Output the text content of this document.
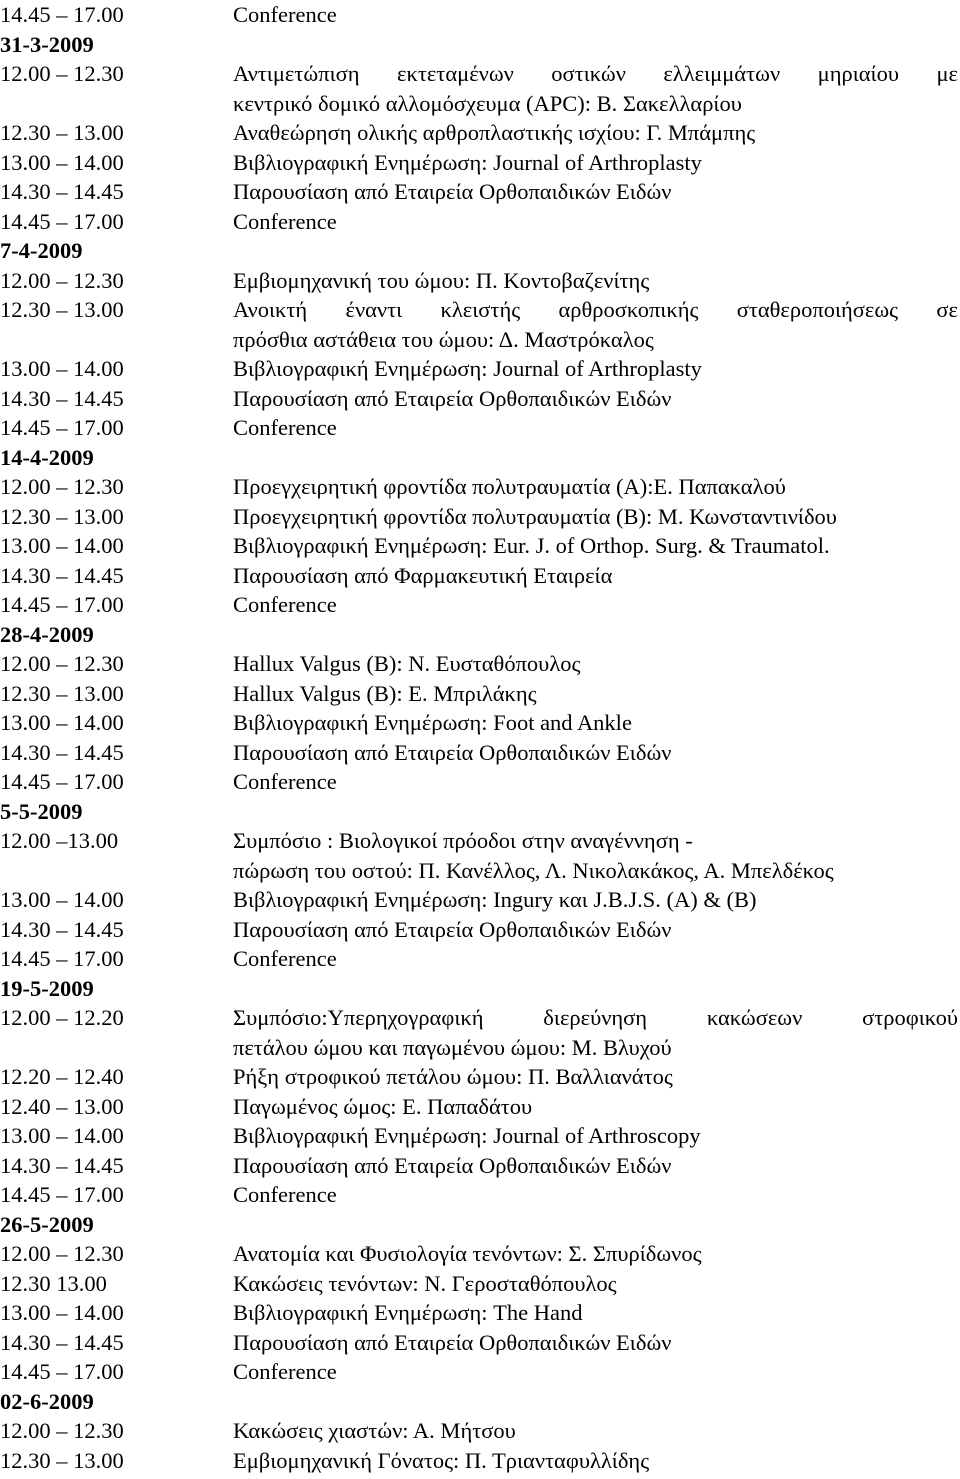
14.45 – 17.00	Conference
31-3-2009
12.00 – 12.30	Αντιμετώπιση εκτεταμένων οστικών ελλειμμάτων μηριαίου με
κεντρικό δομικό αλλομόσχευμα (APC): Β. Σακελλαρίου
12.30 – 13.00	Αναθεώρηση ολικής αρθροπλαστικής ισχίου: Γ. Μπάμπης
13.00 – 14.00	Βιβλιογραφική Ενημέρωση: Journal of Arthroplasty
14.30 – 14.45	Παρουσίαση από Εταιρεία Ορθοπαιδικών Ειδών
14.45 – 17.00	Conference
7-4-2009
12.00 – 12.30	Εμβιομηχανική του ώμου: Π. Κοντοβαζενίτης
12.30 – 13.00	Ανοικτή έναντι κλειστής αρθροσκοπικής σταθεροποιήσεως σε
πρόσθια αστάθεια του ώμου: Δ. Μαστρόκαλος
13.00 – 14.00	Βιβλιογραφική Ενημέρωση: Journal of Arthroplasty
14.30 – 14.45	Παρουσίαση από Εταιρεία Ορθοπαιδικών Ειδών
14.45 – 17.00	Conference
14-4-2009
12.00 – 12.30	Προεγχειρητική φροντίδα πολυτραυματία (Α):Ε. Παπακαλού
12.30 – 13.00	Προεγχειρητική φροντίδα πολυτραυματία (Β): Μ. Κωνσταντινίδου
13.00 – 14.00	Βιβλιογραφική Ενημέρωση: Eur. J. of Orthop. Surg. & Traumatol.
14.30 – 14.45	Παρουσίαση από Φαρμακευτική Εταιρεία
14.45 – 17.00	Conference
28-4-2009
12.00 – 12.30	Hallux Valgus (Β): Ν. Ευσταθόπουλος
12.30 – 13.00	Hallux Valgus (Β): Ε. Μπριλάκης
13.00 – 14.00	Βιβλιογραφική Ενημέρωση: Foot and Ankle
14.30 – 14.45	Παρουσίαση από Εταιρεία Ορθοπαιδικών Ειδών
14.45 – 17.00	Conference
5-5-2009
12.00 –13.00	Συμπόσιο : Βιολογικοί πρόοδοι στην αναγέννηση -
πώρωση του οστού: Π. Κανέλλος, Λ. Νικολακάκος, Α. Μπελδέκος
13.00 – 14.00	Βιβλιογραφική Ενημέρωση: Ingury και J.B.J.S. (A) & (B)
14.30 – 14.45	Παρουσίαση από Εταιρεία Ορθοπαιδικών Ειδών
14.45 – 17.00	Conference
19-5-2009
12.00 – 12.20	Συμπόσιο:Υπερηχογραφική διερεύνηση κακώσεων στροφικού
πετάλου ώμου και παγωμένου ώμου: Μ. Βλυχού
12.20 – 12.40	Ρήξη στροφικού πετάλου ώμου: Π. Βαλλιανάτος
12.40 – 13.00	Παγωμένος ώμος: Ε. Παπαδάτου
13.00 – 14.00	Βιβλιογραφική Ενημέρωση: Journal of Arthroscopy
14.30 – 14.45	Παρουσίαση από Εταιρεία Ορθοπαιδικών Ειδών
14.45 – 17.00	Conference
26-5-2009
12.00 – 12.30	Ανατομία και Φυσιολογία τενόντων: Σ. Σπυρίδωνος
12.30 13.00	Κακώσεις τενόντων: Ν. Γεροσταθόπουλος
13.00 – 14.00	Βιβλιογραφική Ενημέρωση: The Hand
14.30 – 14.45	Παρουσίαση από Εταιρεία Ορθοπαιδικών Ειδών
14.45 – 17.00	Conference
02-6-2009
12.00 – 12.30	Κακώσεις χιαστών: Α. Μήτσου
12.30 – 13.00	Εμβιομηχανική Γόνατος: Π. Τριανταφυλλίδης
